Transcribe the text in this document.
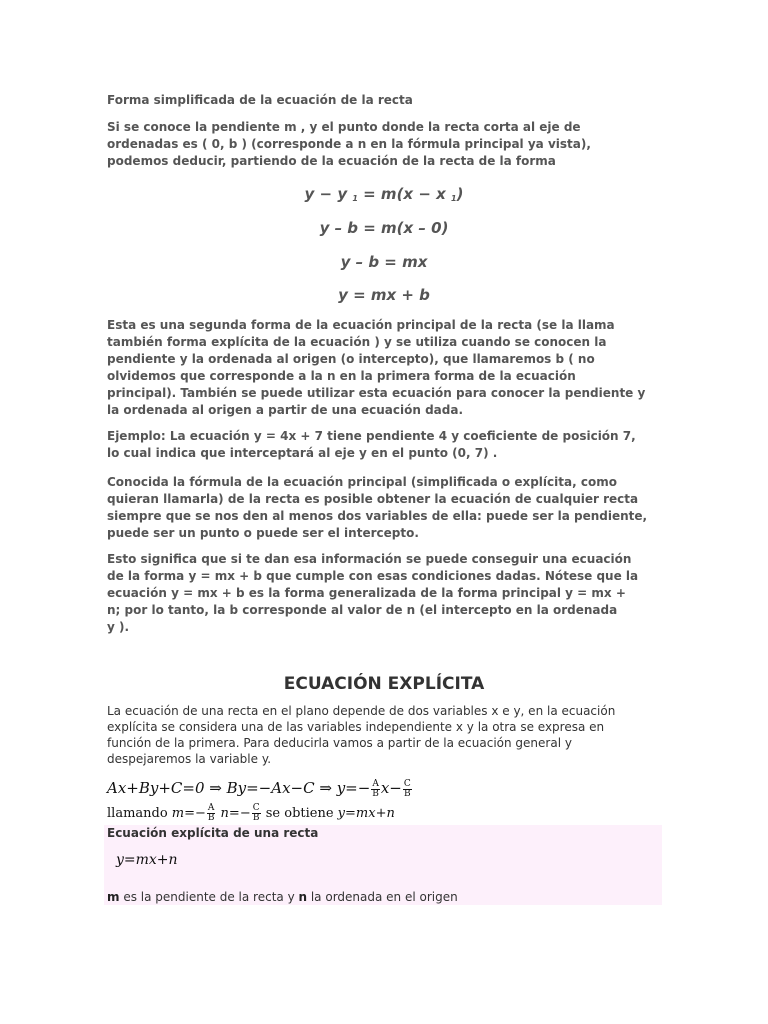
Forma simplificada de la ecuación de la recta

Si se conoce la pendiente m , y el punto donde la recta corta al eje de

ordenadas es ( 0, b ) (corresponde a n en la fórmula principal ya vista),

podemos deducir, partiendo de la ecuación de la recta de la forma

y − y $_1$ = m(x − x $_1$)
y – b = m(x – 0)
y – b = mx
y = mx + b

Esta es una segunda forma de la ecuación principal de la recta (se la llama

también forma explícita de la ecuación ) y se utiliza cuando se conocen la

pendiente y la ordenada al origen (o intercepto), que llamaremos b ( no

olvidemos que corresponde a la n en la primera forma de la ecuación

principal). También se puede utilizar esta ecuación para conocer la pendiente y

la ordenada al origen a partir de una ecuación dada.

Ejemplo: La ecuación y = 4x + 7 tiene pendiente 4 y coeficiente de posición 7,

lo cual indica que interceptará al eje y en el punto (0, 7) .

Conocida la fórmula de la ecuación principal (simplificada o explícita, como

quieran llamarla) de la recta es posible obtener la ecuación de cualquier recta

siempre que se nos den al menos dos variables de ella: puede ser la pendiente,

puede ser un punto o puede ser el intercepto.

Esto significa que si te dan esa información se puede conseguir una ecuación

de la forma y = mx + b que cumple con esas condiciones dadas. Nótese que la

ecuación y = mx + b es la forma generalizada de la forma principal y = mx +

n; por lo tanto, la b corresponde al valor de n (el intercepto en la ordenada

y ).

ECUACIÓN EXPLÍCITA
La ecuación de una recta en el plano depende de dos variables x e y, en la ecuación
explícita se considera una de las variables independiente x y la otra se expresa en
función de la primera. Para deducirla vamos a partir de la ecuación general y
despejaremos la variable y.
Ax+By+C=0 ⇒ By=−Ax−C ⇒ $y=- \frac{A}{B} x- \frac{C}{B}$
llamando $m=- \frac{A}{B} n=- \frac{C}{B}$ se obtiene y=mx+n
Ecuación explícita de una recta
y=mx+n
m es la pendiente de la recta y n la ordenada en el origen
